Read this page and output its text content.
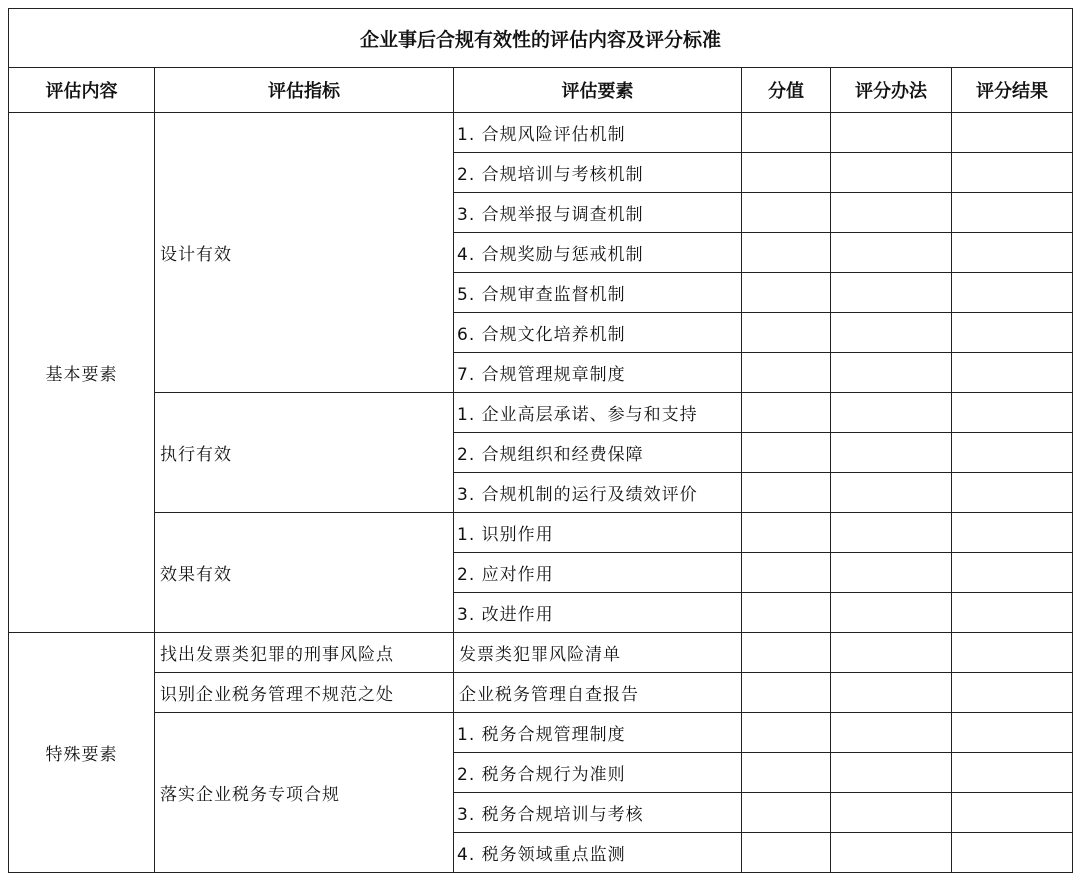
企业事后合规有效性的评估内容及评分标准					
评估内容	评估指标	评估要素	分值	评分办法	评分结果
基本要素	设计有效	1. 合规风险评估机制			
		2. 合规培训与考核机制			
		3. 合规举报与调查机制			
		4. 合规奖励与惩戒机制			
		5. 合规审查监督机制			
		6. 合规文化培养机制			
		7. 合规管理规章制度			
	执行有效	1. 企业高层承诺、参与和支持			
		2. 合规组织和经费保障			
		3. 合规机制的运行及绩效评价			
	效果有效	1. 识别作用			
		2. 应对作用			
		3. 改进作用			
特殊要素	找出发票类犯罪的刑事风险点	发票类犯罪风险清单			
	识别企业税务管理不规范之处	企业税务管理自查报告			
	落实企业税务专项合规	1. 税务合规管理制度			
		2. 税务合规行为准则			
		3. 税务合规培训与考核			
		4. 税务领域重点监测			
